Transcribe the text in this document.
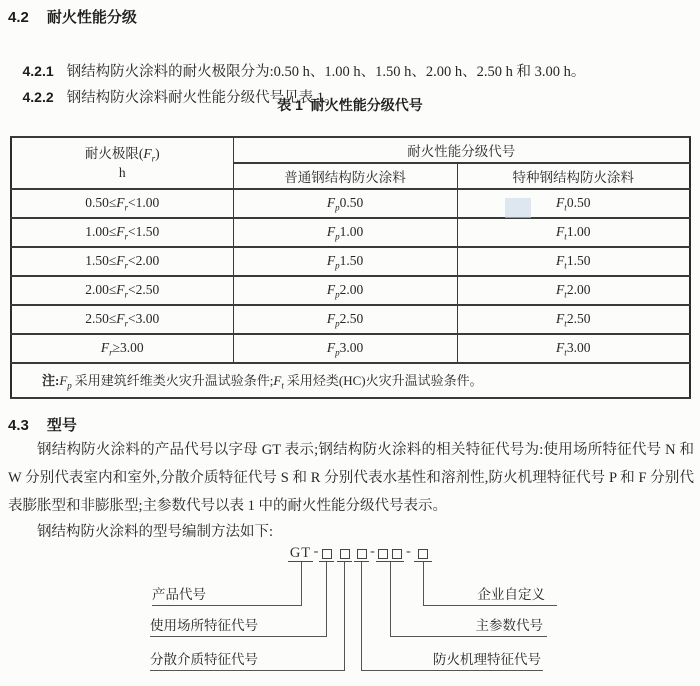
4.2 耐火性能分级

4.2.1 钢结构防火涂料的耐火极限分为:0.50 h、1.00 h、1.50 h、2.00 h、2.50 h 和 3.00 h。

4.2.2 钢结构防火涂料耐火性能分级代号见表 1。

表 1  耐火性能分级代号
耐火极限$(F_r)$
h	耐火性能分级代号	
	普通钢结构防火涂料	特种钢结构防火涂料
$0.50\le F_r<1.00$	$F_p0.50$	$F_t0.50$
$1.00\le F_r<1.50$	$F_p1.00$	$F_t1.00$
$1.50\le F_r<2.00$	$F_p1.50$	$F_t1.50$
$2.00\le F_r<2.50$	$F_p2.00$	$F_t2.00$
$2.50\le F_r<3.00$	$F_p2.50$	$F_t2.50$
$F_r\ge 3.00$	$F_p3.00$	$F_t3.00$
注$:F_p$ 采用建筑纤维类火灾升温试验条件$;F_t$ 采用烃类(HC)火灾升温试验条件。		
4.3 型号
钢结构防火涂料的产品代号以字母 GT 表示;钢结构防火涂料的相关特征代号为:使用场所特征代号 N 和 W 分别代表室内和室外,分散介质特征代号 S 和 R 分别代表水基性和溶剂性,防火机理特征代号 P 和 F 分别代表膨胀型和非膨胀型;主参数代号以表 1 中的耐火性能分级代号表示。
钢结构防火涂料的型号编制方法如下:
GT -	- -
产品代号
使用场所特征代号
分散介质特征代号
企业自定义
主参数代号
防火机理特征代号
